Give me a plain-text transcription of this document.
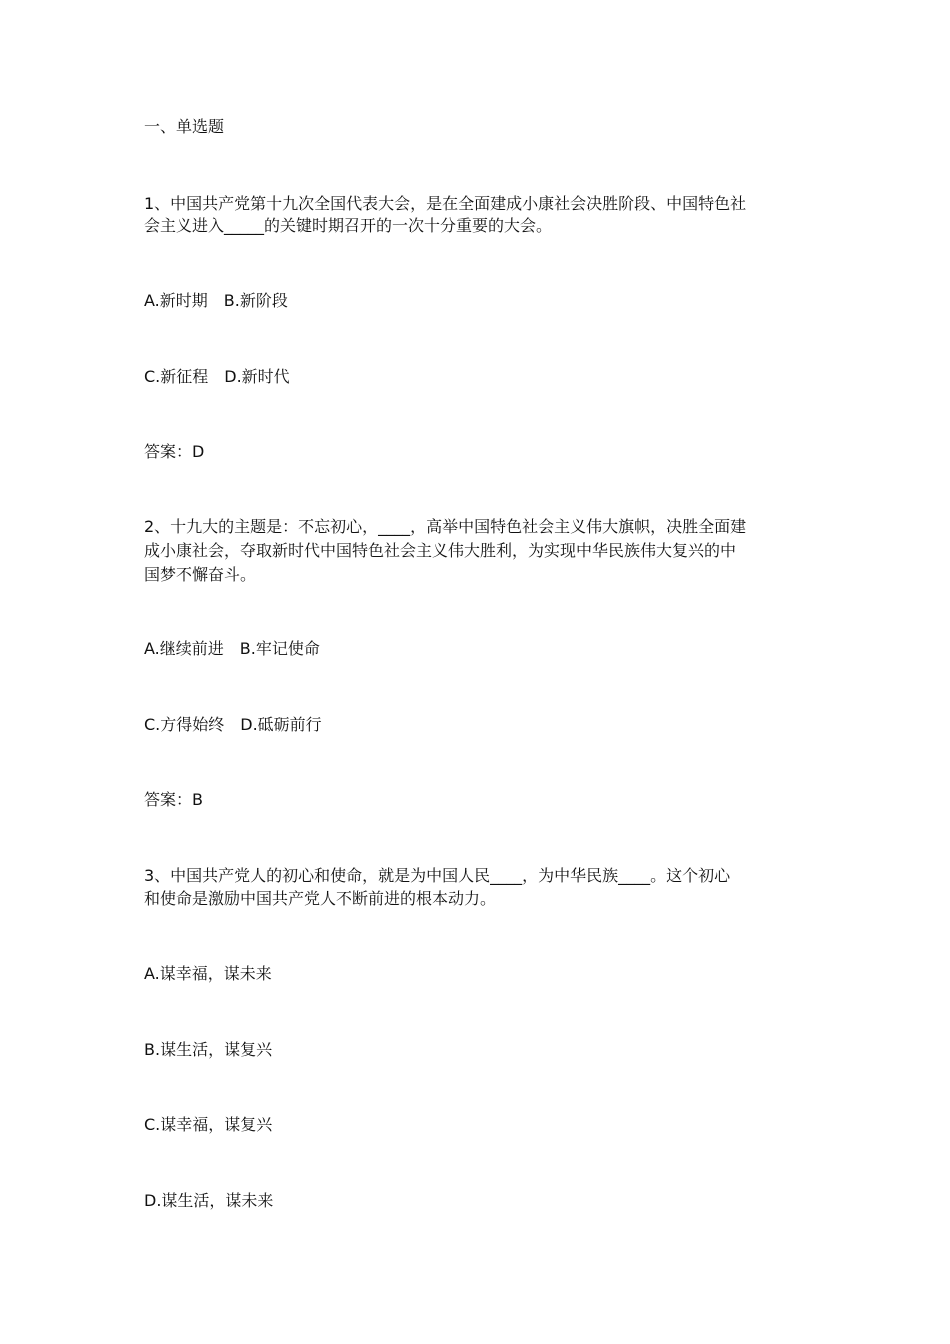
一、单选题

1、中国共产党第十九次全国代表大会，是在全面建成小康社会决胜阶段、中国特色社

会主义进入_____的关键时期召开的一次十分重要的大会。

A.新时期　B.新阶段

C.新征程　D.新时代

答案：D

2、十九大的主题是：不忘初心，____，高举中国特色社会主义伟大旗帜，决胜全面建

成小康社会，夺取新时代中国特色社会主义伟大胜利，为实现中华民族伟大复兴的中

国梦不懈奋斗。

A.继续前进　B.牢记使命

C.方得始终　D.砥砺前行

答案：B

3、中国共产党人的初心和使命，就是为中国人民____，为中华民族____。这个初心

和使命是激励中国共产党人不断前进的根本动力。

A.谋幸福，谋未来

B.谋生活，谋复兴

C.谋幸福，谋复兴

D.谋生活，谋未来
